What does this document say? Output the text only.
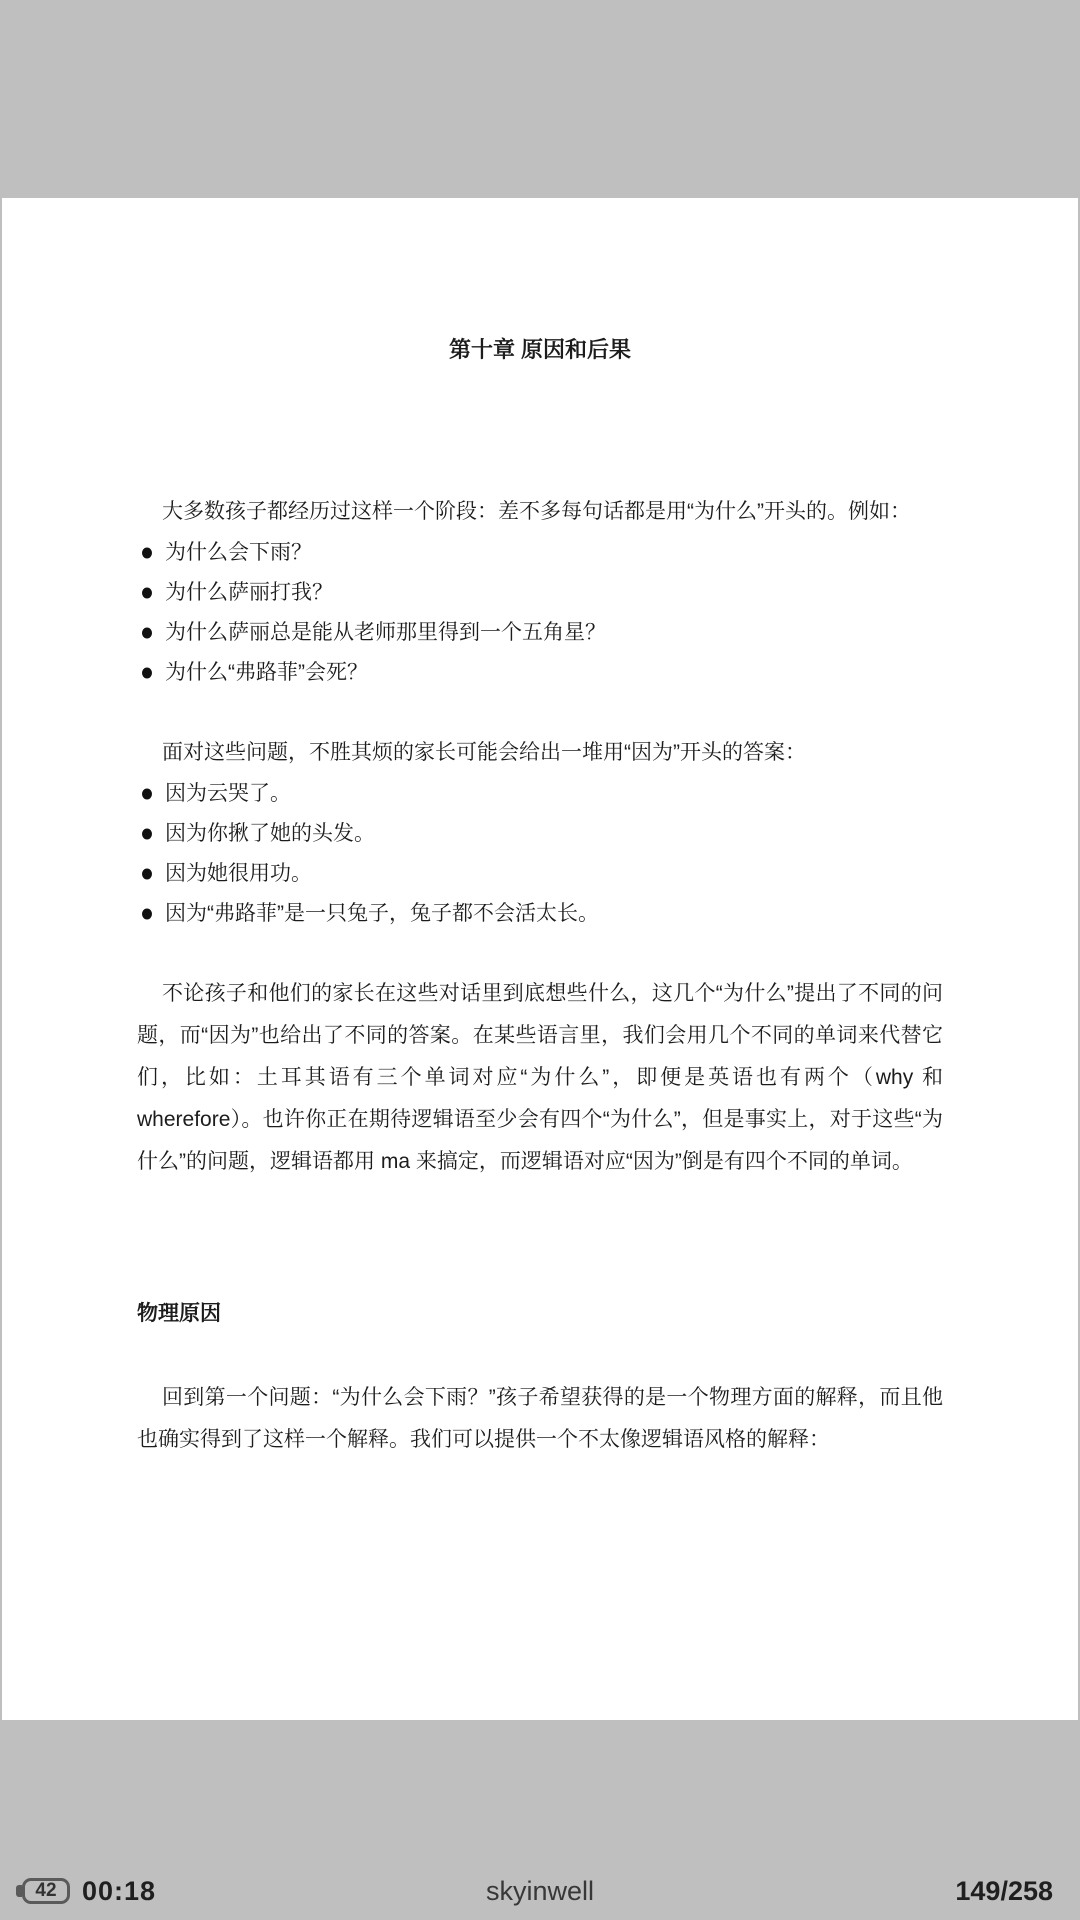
第十章 原因和后果

大多数孩子都经历过这样一个阶段：差不多每句话都是用“为什么”开头的。例如：

为什么会下雨？
为什么萨丽打我？
为什么萨丽总是能从老师那里得到一个五角星？
为什么“弗路菲”会死？

面对这些问题，不胜其烦的家长可能会给出一堆用“因为”开头的答案：

因为云哭了。
因为你揪了她的头发。
因为她很用功。
因为“弗路菲”是一只兔子，兔子都不会活太长。

不论孩子和他们的家长在这些对话里到底想些什么，这几个“为什么”提出了不同的问题，而“因为”也给出了不同的答案。在某些语言里，我们会用几个不同的单词来代替它们，比如：土耳其语有三个单词对应“为什么”，即便是英语也有两个（why 和 wherefore）。也许你正在期待逻辑语至少会有四个“为什么”，但是事实上，对于这些“为什么”的问题，逻辑语都用 ma 来搞定，而逻辑语对应“因为”倒是有四个不同的单词。

物理原因

回到第一个问题：“为什么会下雨？”孩子希望获得的是一个物理方面的解释，而且他也确实得到了这样一个解释。我们可以提供一个不太像逻辑语风格的解释：

42 00:18	skyinwell	149/258
